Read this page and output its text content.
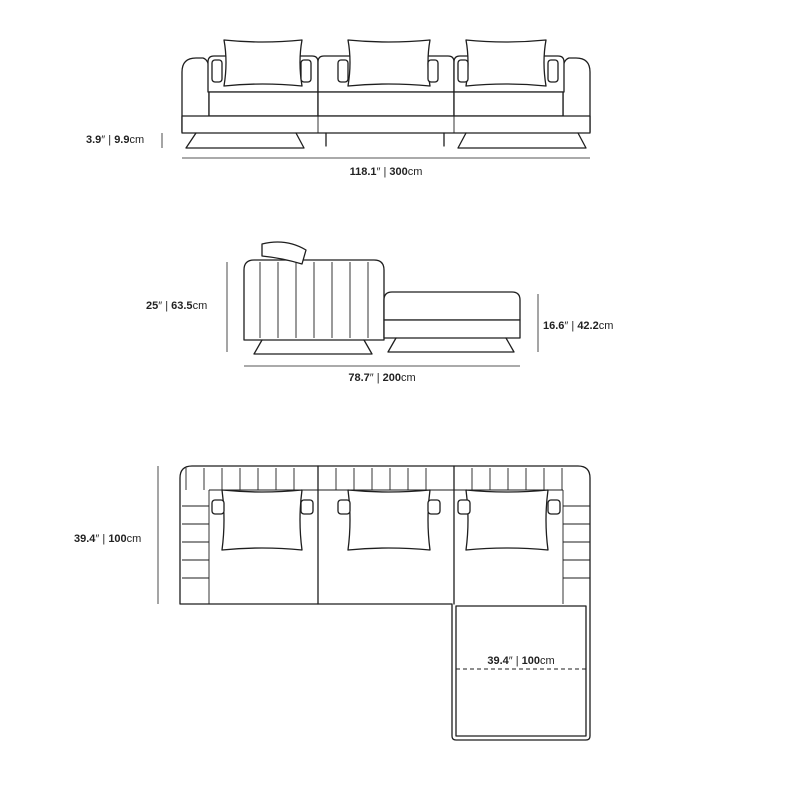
3.9″ | 9.9cm
118.1″ | 300cm
25″ | 63.5cm
16.6″ | 42.2cm
78.7″ | 200cm
39.4″ | 100cm
39.4″ | 100cm
